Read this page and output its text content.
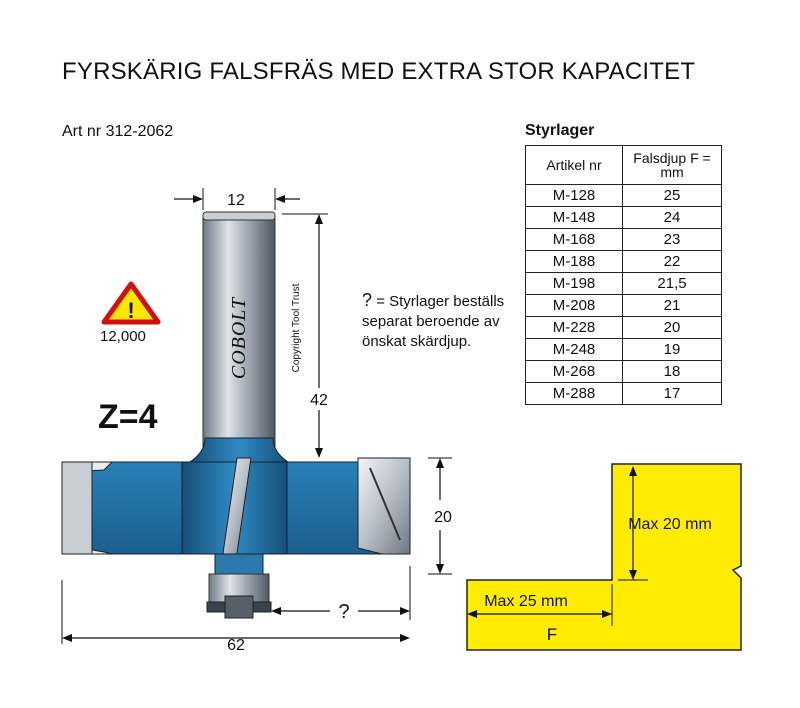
FYRSKÄRIG FALSFRÄS MED EXTRA STOR KAPACITET
Art nr 312-2062
Z=4
12,000
? = Styrlager beställs separat beroende av önskat skärdjup.
Styrlager
Artikel nr	Falsdjup F = mm
M-128	25
M-148	24
M-168	23
M-188	22
M-198	21,5
M-208	21
M-228	20
M-248	19
M-268	18
M-288	17
!	COBOLT	Copyright Tool Trust
12
42
20
?
62
Max 20 mm
Max 25 mm
F
